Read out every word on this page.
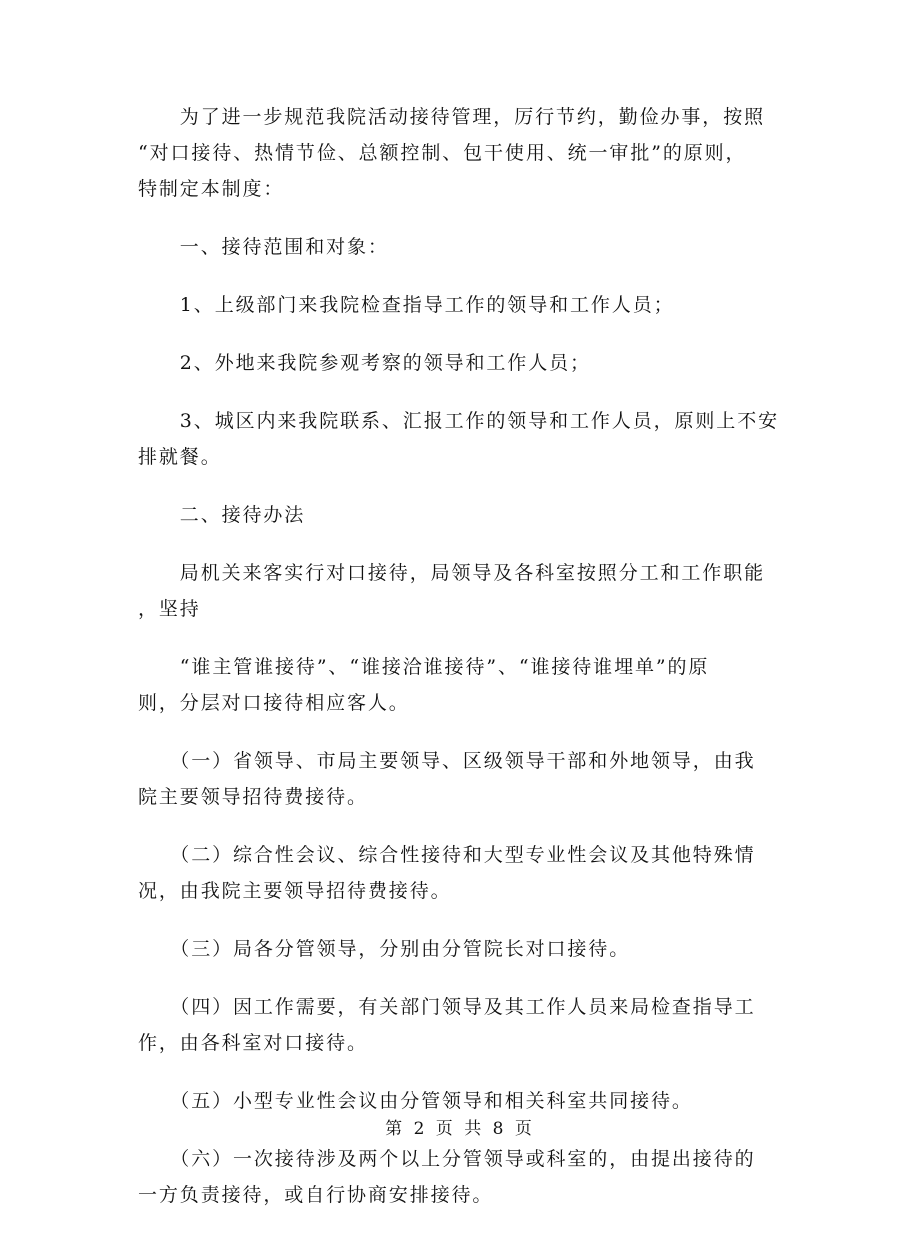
　　为了进一步规范我院活动接待管理，厉行节约，勤俭办事，按照
“对口接待、热情节俭、总额控制、包干使用、统一审批”的原则，
特制定本制度：

　　一、接待范围和对象：

　　1、上级部门来我院检查指导工作的领导和工作人员；

　　2、外地来我院参观考察的领导和工作人员；

　　3、城区内来我院联系、汇报工作的领导和工作人员，原则上不安
排就餐。

　　二、接待办法

　　局机关来客实行对口接待，局领导及各科室按照分工和工作职能
，坚持

　　“谁主管谁接待”、“谁接洽谁接待”、“谁接待谁埋单”的原
则，分层对口接待相应客人。

　　（一）省领导、市局主要领导、区级领导干部和外地领导，由我
院主要领导招待费接待。

　　（二）综合性会议、综合性接待和大型专业性会议及其他特殊情
况，由我院主要领导招待费接待。

　　（三）局各分管领导，分别由分管院长对口接待。

　　（四）因工作需要，有关部门领导及其工作人员来局检查指导工
作，由各科室对口接待。

　　（五）小型专业性会议由分管领导和相关科室共同接待。

　　（六）一次接待涉及两个以上分管领导或科室的，由提出接待的
一方负责接待，或自行协商安排接待。

第 2 页 共 8 页
